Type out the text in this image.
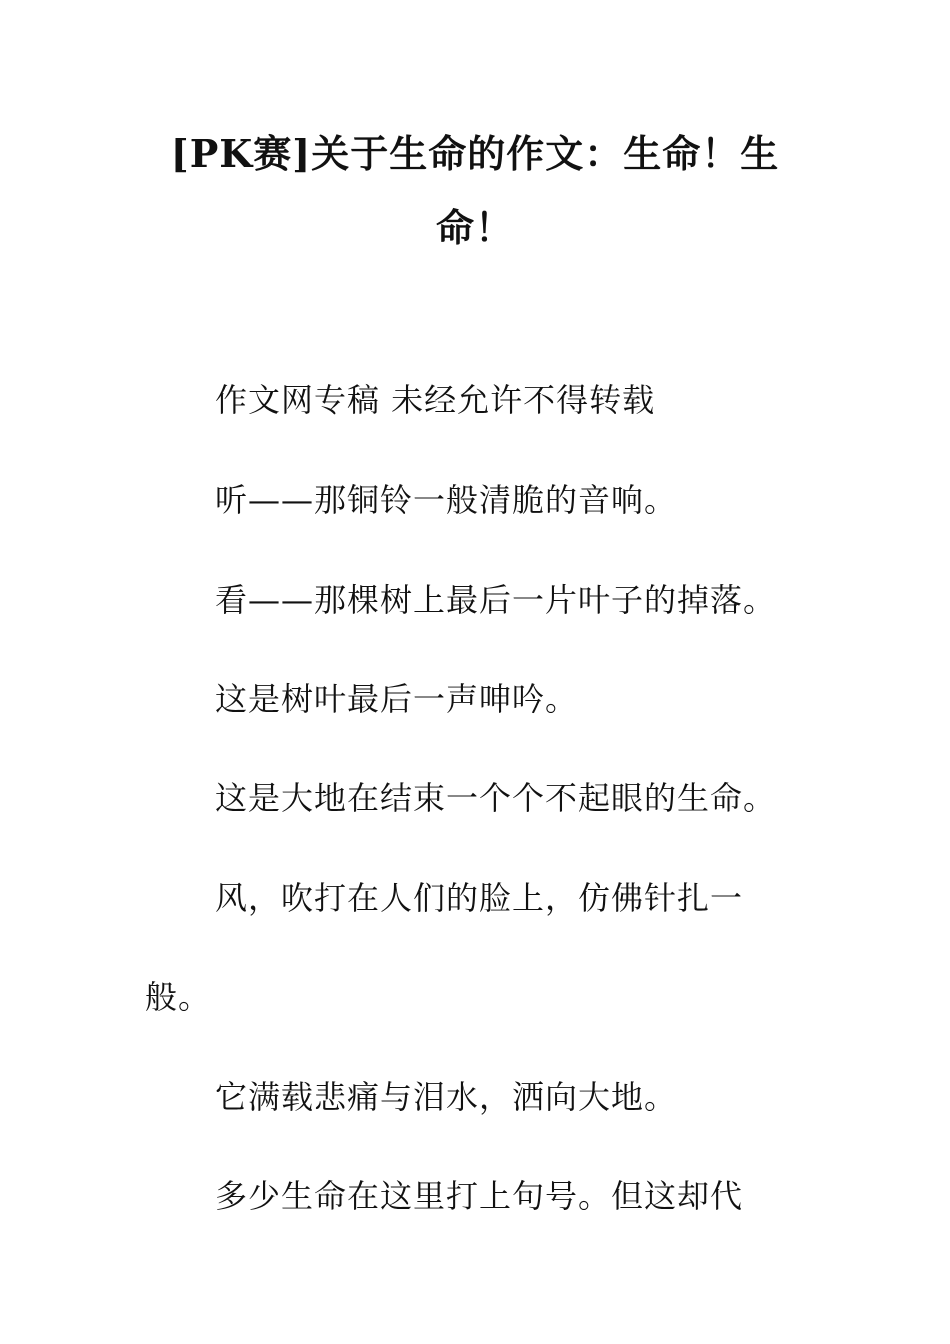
[PK赛]关于生命的作文：生命！生
命！
作文网专稿 未经允许不得转载
听——那铜铃一般清脆的音响。
看——那棵树上最后一片叶子的掉落。
这是树叶最后一声呻吟。
这是大地在结束一个个不起眼的生命。
风，吹打在人们的脸上，仿佛针扎一
般。
它满载悲痛与泪水，洒向大地。
多少生命在这里打上句号。但这却代
